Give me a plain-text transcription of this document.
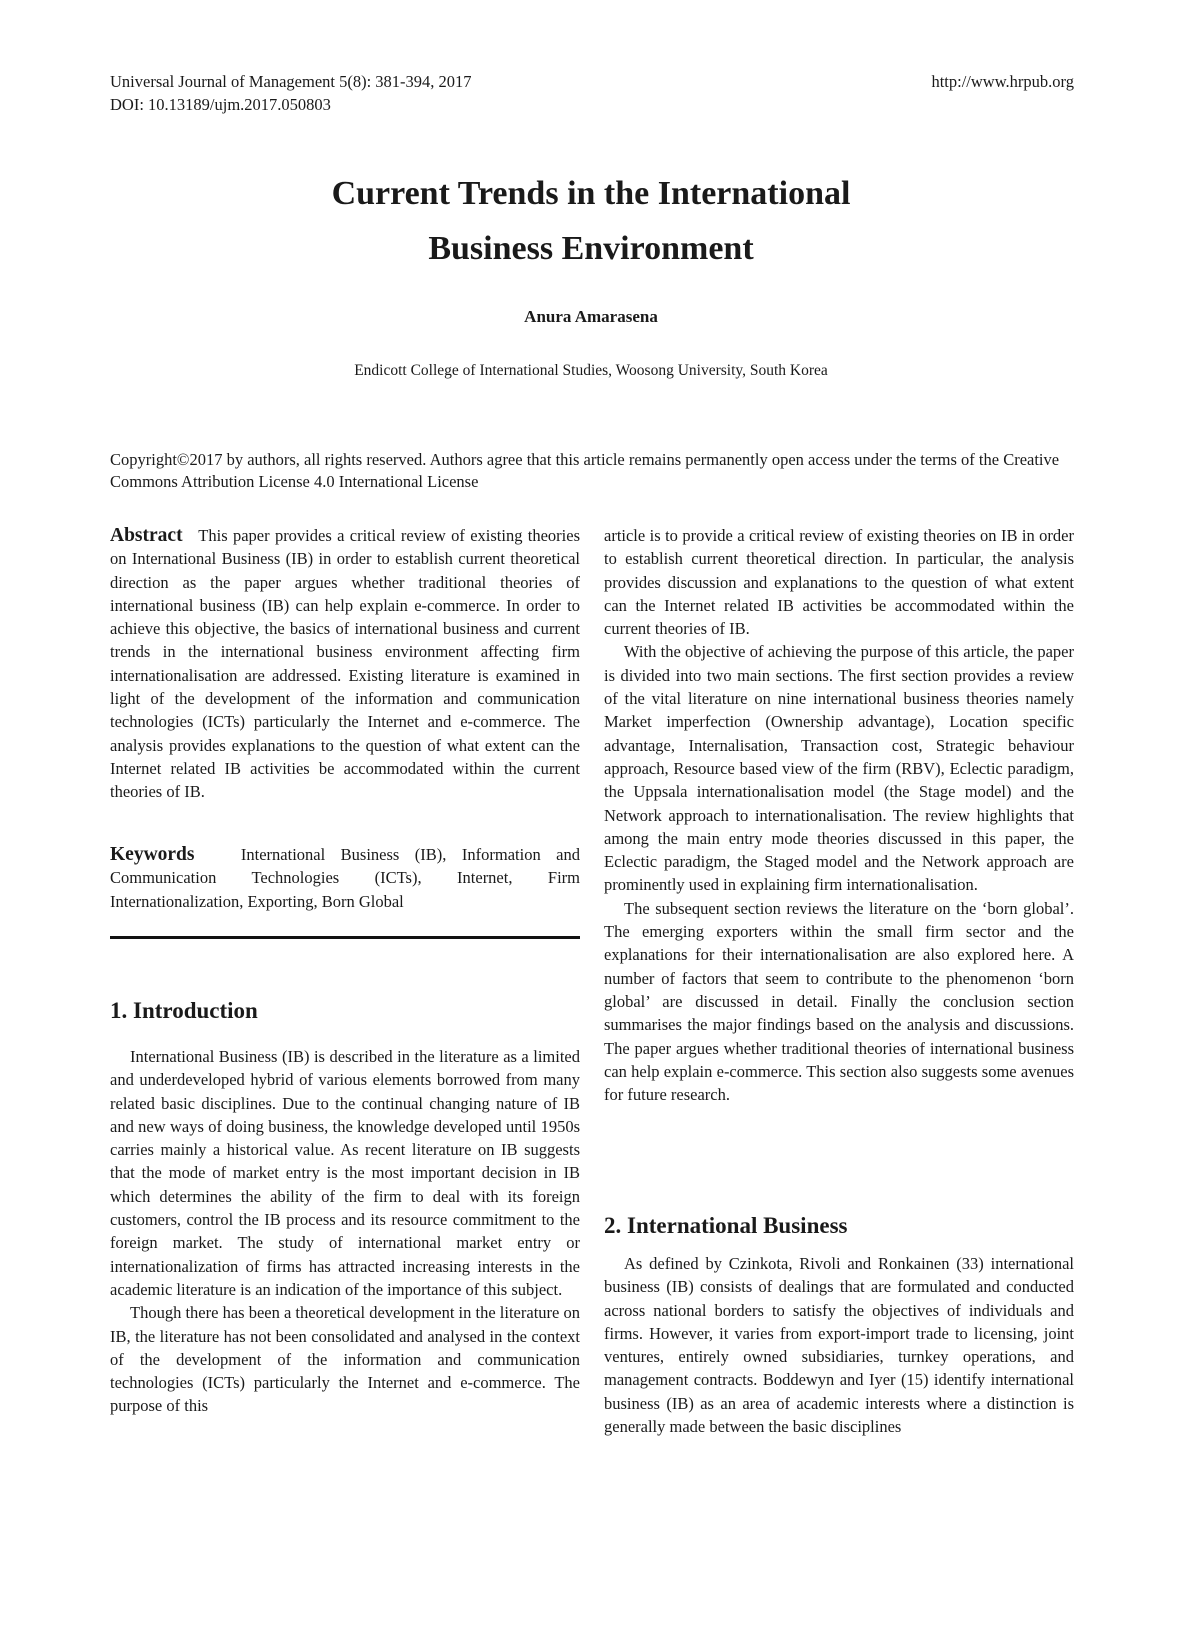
Universal Journal of Management 5(8): 381-394, 2017
DOI: 10.13189/ujm.2017.050803
http://www.hrpub.org
Current Trends in the International
Business Environment
Anura Amarasena
Endicott College of International Studies, Woosong University, South Korea
Copyright©2017 by authors, all rights reserved. Authors agree that this article remains permanently open access under the terms of the Creative Commons Attribution License 4.0 International License

Abstract This paper provides a critical review of existing theories on International Business (IB) in order to establish current theoretical direction as the paper argues whether traditional theories of international business (IB) can help explain e-commerce. In order to achieve this objective, the basics of international business and current trends in the international business environment affecting firm internationalisation are addressed. Existing literature is examined in light of the development of the information and communication technologies (ICTs) particularly the Internet and e-commerce. The analysis provides explanations to the question of what extent can the Internet related IB activities be accommodated within the current theories of IB.

Keywords	International Business (IB), Information and Communication Technologies (ICTs), Internet, Firm Internationalization, Exporting, Born Global

1. Introduction

International Business (IB) is described in the literature as a limited and underdeveloped hybrid of various elements borrowed from many related basic disciplines. Due to the continual changing nature of IB and new ways of doing business, the knowledge developed until 1950s carries mainly a historical value. As recent literature on IB suggests that the mode of market entry is the most important decision in IB which determines the ability of the firm to deal with its foreign customers, control the IB process and its resource commitment to the foreign market. The study of international market entry or internationalization of firms has attracted increasing interests in the academic literature is an indication of the importance of this subject.

Though there has been a theoretical development in the literature on IB, the literature has not been consolidated and analysed in the context of the development of the information and communication technologies (ICTs) particularly the Internet and e-commerce. The purpose of this

article is to provide a critical review of existing theories on IB in order to establish current theoretical direction. In particular, the analysis provides discussion and explanations to the question of what extent can the Internet related IB activities be accommodated within the current theories of IB.

With the objective of achieving the purpose of this article, the paper is divided into two main sections. The first section provides a review of the vital literature on nine international business theories namely Market imperfection (Ownership advantage), Location specific advantage, Internalisation, Transaction cost, Strategic behaviour approach, Resource based view of the firm (RBV), Eclectic paradigm, the Uppsala internationalisation model (the Stage model) and the Network approach to internationalisation. The review highlights that among the main entry mode theories discussed in this paper, the Eclectic paradigm, the Staged model and the Network approach are prominently used in explaining firm internationalisation.

The subsequent section reviews the literature on the ‘born global’. The emerging exporters within the small firm sector and the explanations for their internationalisation are also explored here. A number of factors that seem to contribute to the phenomenon ‘born global’ are discussed in detail. Finally the conclusion section summarises the major findings based on the analysis and discussions. The paper argues whether traditional theories of international business can help explain e-commerce. This section also suggests some avenues for future research.

2. International Business

As defined by Czinkota, Rivoli and Ronkainen (33) international business (IB) consists of dealings that are formulated and conducted across national borders to satisfy the objectives of individuals and firms. However, it varies from export-import trade to licensing, joint ventures, entirely owned subsidiaries, turnkey operations, and management contracts. Boddewyn and Iyer (15) identify international business (IB) as an area of academic interests where a distinction is generally made between the basic disciplines
